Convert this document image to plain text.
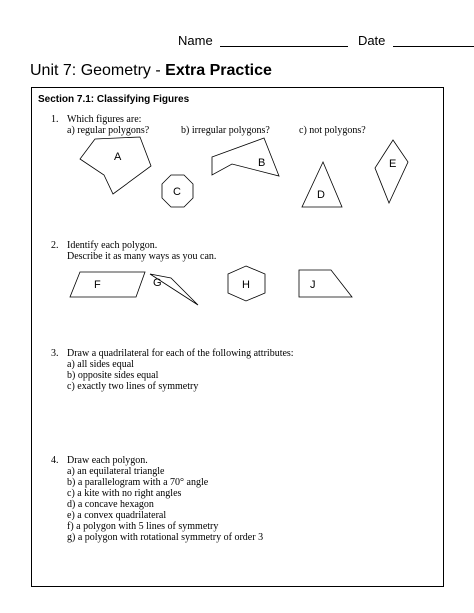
Name	Date
Unit 7: Geometry - Extra Practice
Section 7.1: Classifying Figures
1. Which figures are:
a) regular polygons?	b) irregular polygons?	c) not polygons?
2. Identify each polygon.
Describe it as many ways as you can.
3. Draw a quadrilateral for each of the following attributes:
a) all sides equal
b) opposite sides equal
c) exactly two lines of symmetry
4. Draw each polygon.
a) an equilateral triangle
b) a parallelogram with a 70° angle
c) a kite with no right angles
d) a concave hexagon
e) a convex quadrilateral
f) a polygon with 5 lines of symmetry
g) a polygon with rotational symmetry of order 3
A	B
D
E
C
F	G	H	J
